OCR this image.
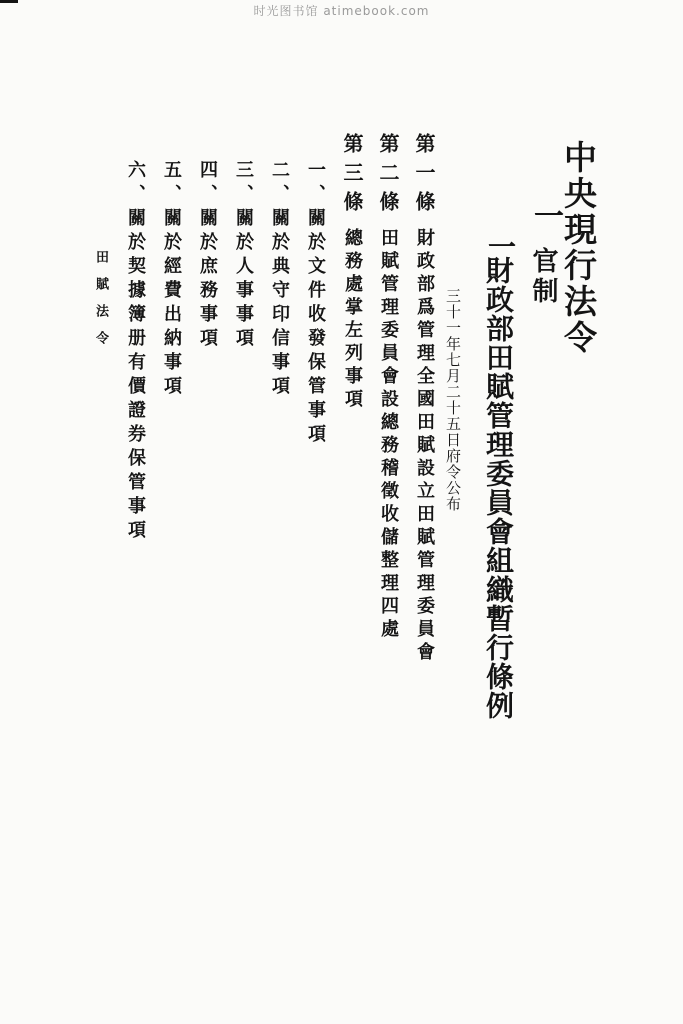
时光图书馆 atimebook.com
中央現行法令
一
官制
一
財政部田賦管理委員會組織暫行條例
三十一年七月二十五日府令公布
第一條
財政部爲管理全國田賦設立田賦管理委員會
第二條
田賦管理委員會設總務稽徵收儲整理四處
第三條
總務處掌左列事項
一、關於文件收發保管事項
二、關於典守印信事項
三、關於人事事項
四、關於庶務事項
五、關於經費出納事項
六、關於契據簿册有價證券保管事項
田賦法令
